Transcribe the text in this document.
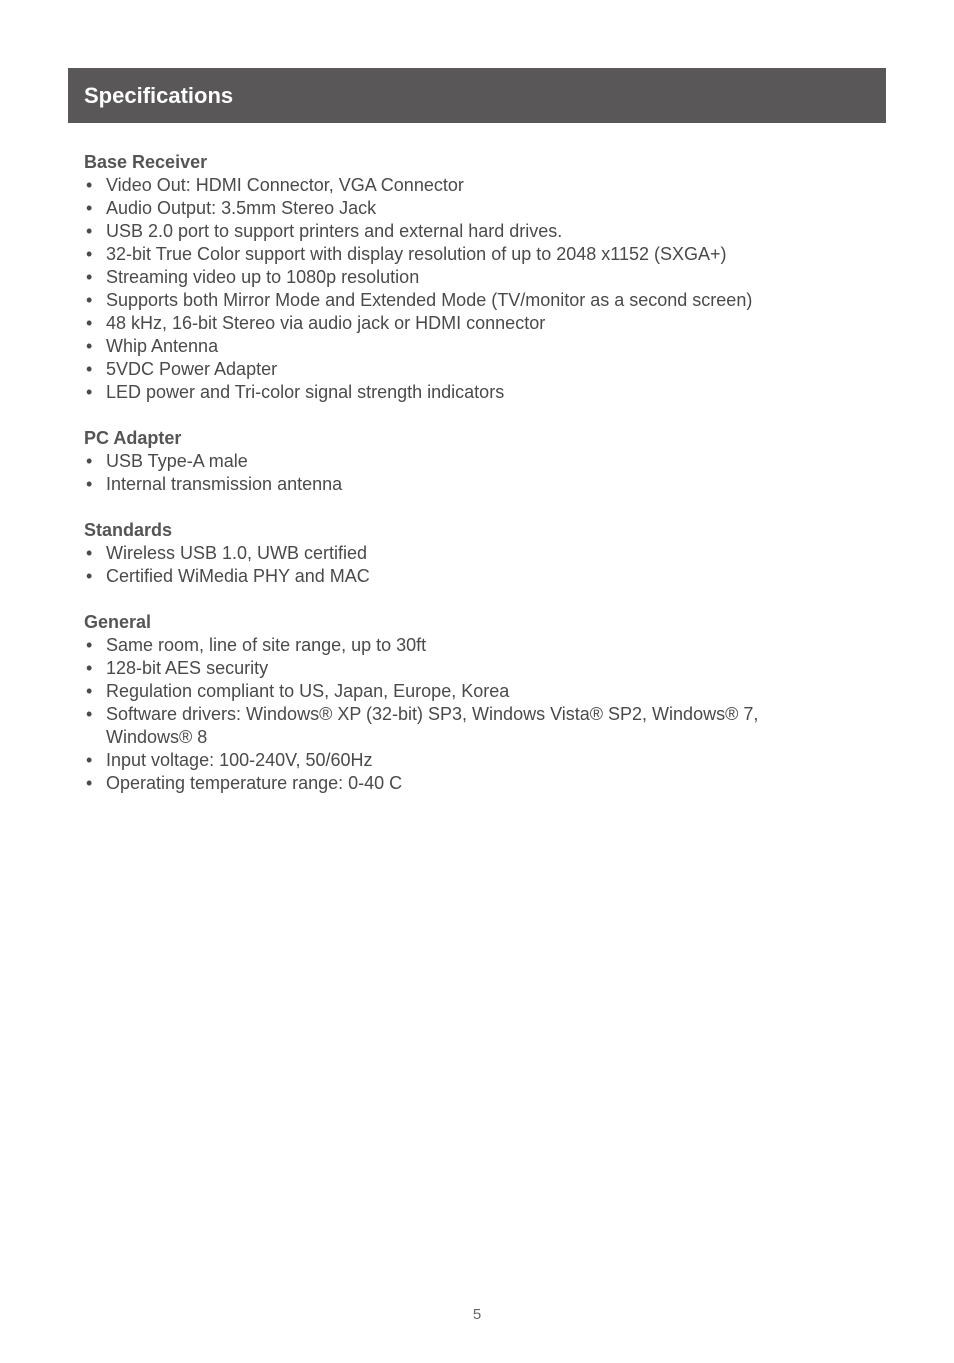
Specifications
Base Receiver
• Video Out: HDMI Connector, VGA Connector
• Audio Output: 3.5mm Stereo Jack
• USB 2.0 port to support printers and external hard drives.
• 32-bit True Color support with display resolution of up to 2048 x1152 (SXGA+)
• Streaming video up to 1080p resolution
• Supports both Mirror Mode and Extended Mode (TV/monitor as a second screen)
• 48 kHz, 16-bit Stereo via audio jack or HDMI connector
• Whip Antenna
• 5VDC Power Adapter
• LED power and Tri-color signal strength indicators
PC Adapter
• USB Type-A male
• Internal transmission antenna
Standards
• Wireless USB 1.0, UWB certified
• Certified WiMedia PHY and MAC
General
• Same room, line of site range, up to 30ft
• 128-bit AES security
• Regulation compliant to US, Japan, Europe, Korea
• Software drivers: Windows® XP (32-bit) SP3, Windows Vista® SP2, Windows® 7, Windows® 8
• Input voltage: 100-240V, 50/60Hz
• Operating temperature range: 0-40 C
5
